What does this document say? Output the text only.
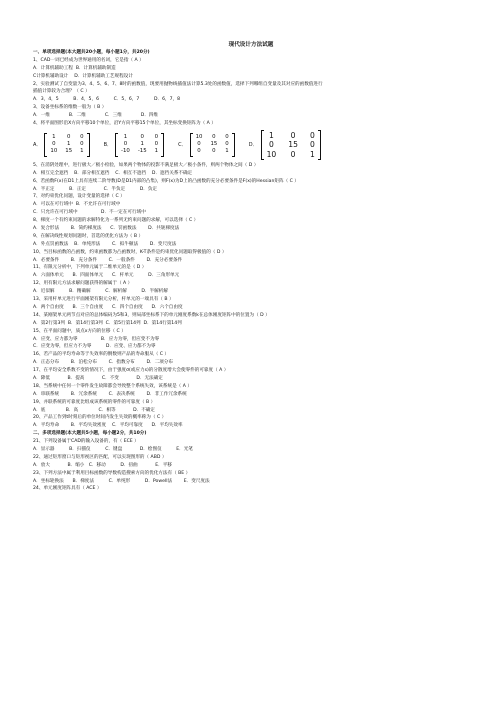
现代设计方法试题
一、单项选择题(本大题共20小题，每小题1分，共20分)
1、CAD一词已经成为世界通用的名词，它是指（ A ）
A．计算机辅助工程  B．计算机辅助制造
C计算机辅助设计    D．计算机辅助工艺规程设计
2、实验测试了自变量为3、4、5、6、7、8时的函数值，现要用抛物线插值法计算5.3处的函数值，选择下列哪组自变量及其对应的函数值进行
插值计算较为合理？（ C ）
A．3，4，5          B．4，5，6          C．5，6，7          D．6，7，8
3、设备坐标系的维数一般为（ B ）
A．一维             B．二维             C．三维             D．四维
4、将平面图形沿X方向平移10个单位，沿Y方向平移15个单位，其坐标变换矩阵为（ A ）
A．
1	0	0
0	1	0
10 15 1
B．
1	0	0
0	1	0
-10 -15 1
C．
10	0	0
0	15 0
0	0	1
D．
1	0	0
0	15 0
10	0	1
5、在消阴处理中，进行极大／极小检验，如果两个物体的投影不满足极大／极小条件，则两个物体之间（ D ）
A．相互完全遮挡    B．部分相互遮挡    C．相互不遮挡    D．遮挡关系不确定
6、若函数F(x)在D1上具有连续二阶导数(D是D1内部的凸集)，则F(x)为D上的凸函数的充分必要条件是F(x)的Hessian矩阵（ C ）
A．半正定          B．正定            C．半负定          D．负定
7、对约束优化问题，设计变量的选择（ C ）
A．可以在可行域中  B．不允许在可行域中
C．只允许在可行域中                D．不一定在可行域中
8、梯度一个有约束问题的求解特化为一系列无约束问题的求解，可以选择（ C ）
A．复合形法        B．简约梯度法      C．罚函数法        D．共轭梯度法
9、在解决线性规划问题时，首选的优化方法为（ B ）
A．外点罚函数法    B．单纯形法        C．拟牛顿法        D．变尺度法
10、当目标函数的凸函数，约束函数都为凸函数时，K-T条件是约束优化问题取得极值的（ D ）
A．必要条件        B．充分条件        C．一般条件        D．充分必要条件
11、有限元分析中，下列单元属于二维单元的是（ D ）
A．六面体单元      B．四面体单元      C．杆单元          D．三角形单元
12、用有限元方法求解问题获得的解属于（ A ）
A．近似解          B．精确解          C．解析解          D．半解析解
13、采用杆单元进行平面刚架有限元分析，杆单元的一端具有（ B ）
A．两个自由度      B．三个自由度      C．四个自由度      D．六个自由度
14、某刚架单元两节点对应的总体编码为5和3，则局部坐标系下的单元刚度系数k在总体刚度矩阵中的位置为（ D ）
A．第2行第3列  B．第14行第3列  C．第5行第14列  D．第14行第14列
15、在平面问题中，质点x方向的位移（ C ）
A．应变、应力都为零                B．应力为零，但应变不为零
C．应变为零，但应力不为零          D．应变、应力都不为零
16、若产品的平均寿命等于失效率的倒数则产品的寿命服从（ C ）
A．正态分布        B．泊松分布        C．指数分布        D．二项分布
17、在平均安全系数不变的情况下，由于强度σ(或应力s)的分散度增大会使零件的可靠度（ A ）
A．降低            B．提高            C．不变            D．无法确定
18、当系统中任何一个零件发生故障都会导致整个系统失效，该系统是（ A ）
A．串联系统        B．冗余系统        C．表决系统        D．非工作冗余系统
19、并联系统的可靠度比组成该系统的零件的可靠度（ B ）
A．底              B．高              C．相等            D．不确定
20、产品工作到t时刻后的单位时间内发生失效的概率称为（ C ）
A．平均寿命        B．平均失效密度    C．平均可靠度      D．平均失效率
二、多项选择题(本大题共5小题，每小题2分，共10分)
21、下列设备属于CAD的输入设备的，有（ ECE ）
A．显示器          B．扫描仪          C．键盘            D．绘图仪          E．光笔
22、通过矩形窗口与矩形视区的匹配，可以实现图形的（ ABD ）
A．放大            B．缩小   C．移动          D．扭曲            E．平移
23、下列方法中属于利用目标函数的导数构造搜索方向的优化方法有（ BE ）
A．坐标轮换法      B．梯度法          C．单纯形          D．Powell法        E．变尺度法
24、单元刚度矩阵具有（ ACE ）
